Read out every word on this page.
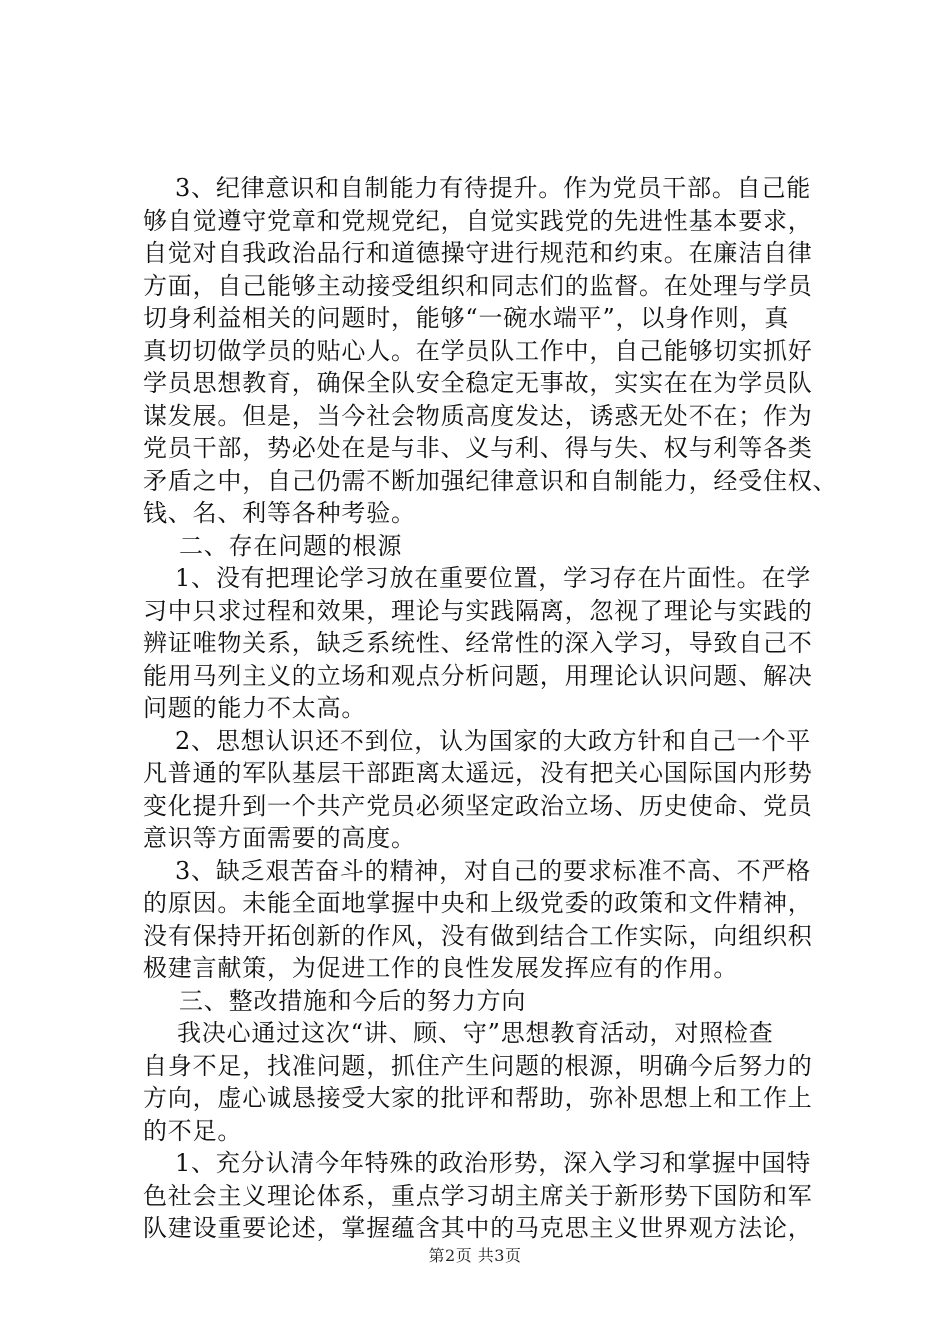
3、纪律意识和自制能力有待提升。作为党员干部。自己能
够自觉遵守党章和党规党纪，自觉实践党的先进性基本要求，
自觉对自我政治品行和道德操守进行规范和约束。在廉洁自律
方面，自己能够主动接受组织和同志们的监督。在处理与学员
切身利益相关的问题时，能够“一碗水端平”，以身作则，真
真切切做学员的贴心人。在学员队工作中，自己能够切实抓好
学员思想教育，确保全队安全稳定无事故，实实在在为学员队
谋发展。但是，当今社会物质高度发达，诱惑无处不在；作为
党员干部，势必处在是与非、义与利、得与失、权与利等各类
矛盾之中，自己仍需不断加强纪律意识和自制能力，经受住权、
钱、名、利等各种考验。
二、存在问题的根源
1、没有把理论学习放在重要位置，学习存在片面性。在学
习中只求过程和效果，理论与实践隔离，忽视了理论与实践的
辨证唯物关系，缺乏系统性、经常性的深入学习，导致自己不
能用马列主义的立场和观点分析问题，用理论认识问题、解决
问题的能力不太高。
2、思想认识还不到位，认为国家的大政方针和自己一个平
凡普通的军队基层干部距离太遥远，没有把关心国际国内形势
变化提升到一个共产党员必须坚定政治立场、历史使命、党员
意识等方面需要的高度。
3、缺乏艰苦奋斗的精神，对自己的要求标准不高、不严格
的原因。未能全面地掌握中央和上级党委的政策和文件精神，
没有保持开拓创新的作风，没有做到结合工作实际，向组织积
极建言献策，为促进工作的良性发展发挥应有的作用。
三、整改措施和今后的努力方向
我决心通过这次“讲、顾、守”思想教育活动，对照检查
自身不足，找准问题，抓住产生问题的根源，明确今后努力的
方向，虚心诚恳接受大家的批评和帮助，弥补思想上和工作上
的不足。
1、充分认清今年特殊的政治形势，深入学习和掌握中国特
色社会主义理论体系，重点学习胡主席关于新形势下国防和军
队建设重要论述，掌握蕴含其中的马克思主义世界观方法论，
第2页 共3页
